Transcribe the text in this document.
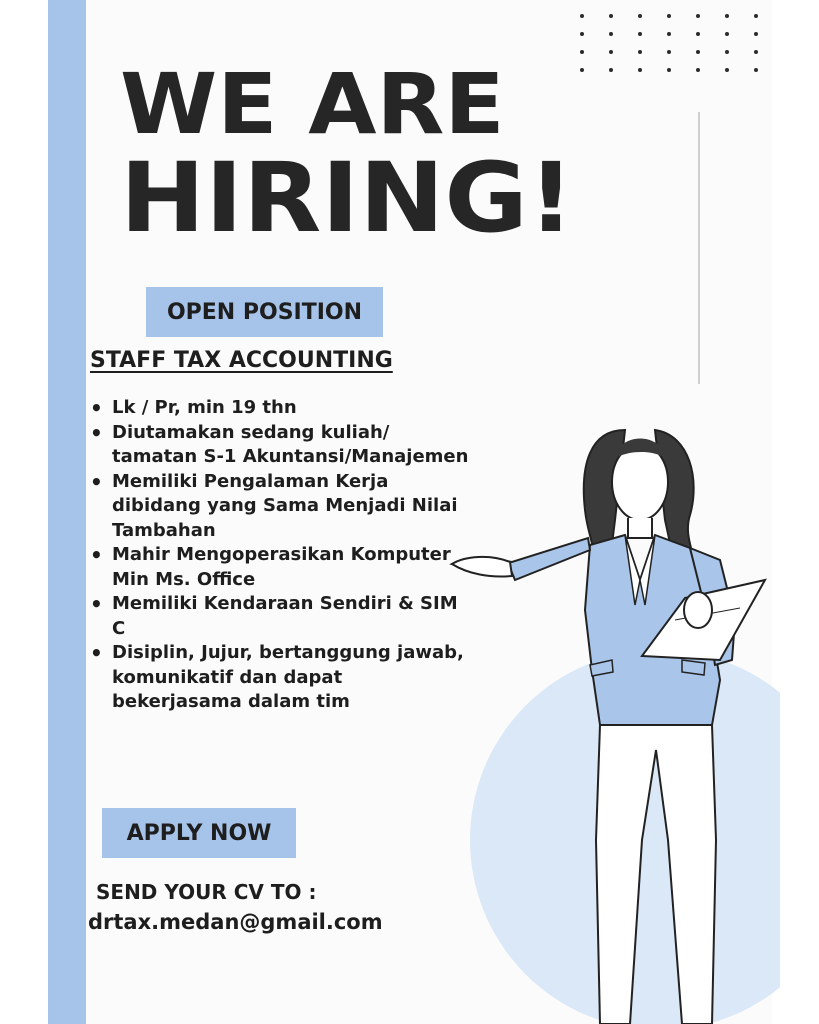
WE ARE
HIRING!
OPEN POSITION
STAFF TAX ACCOUNTING
• Lk / Pr, min 19 thn
• Diutamakan sedang kuliah/ tamatan S-1 Akuntansi/Manajemen
• Memiliki Pengalaman Kerja dibidang yang Sama Menjadi Nilai Tambahan
• Mahir Mengoperasikan Komputer Min Ms. Office
• Memiliki Kendaraan Sendiri & SIM C
• Disiplin, Jujur, bertanggung jawab, komunikatif dan dapat bekerjasama dalam tim
APPLY NOW

SEND YOUR CV TO :

drtax.medan@gmail.com
